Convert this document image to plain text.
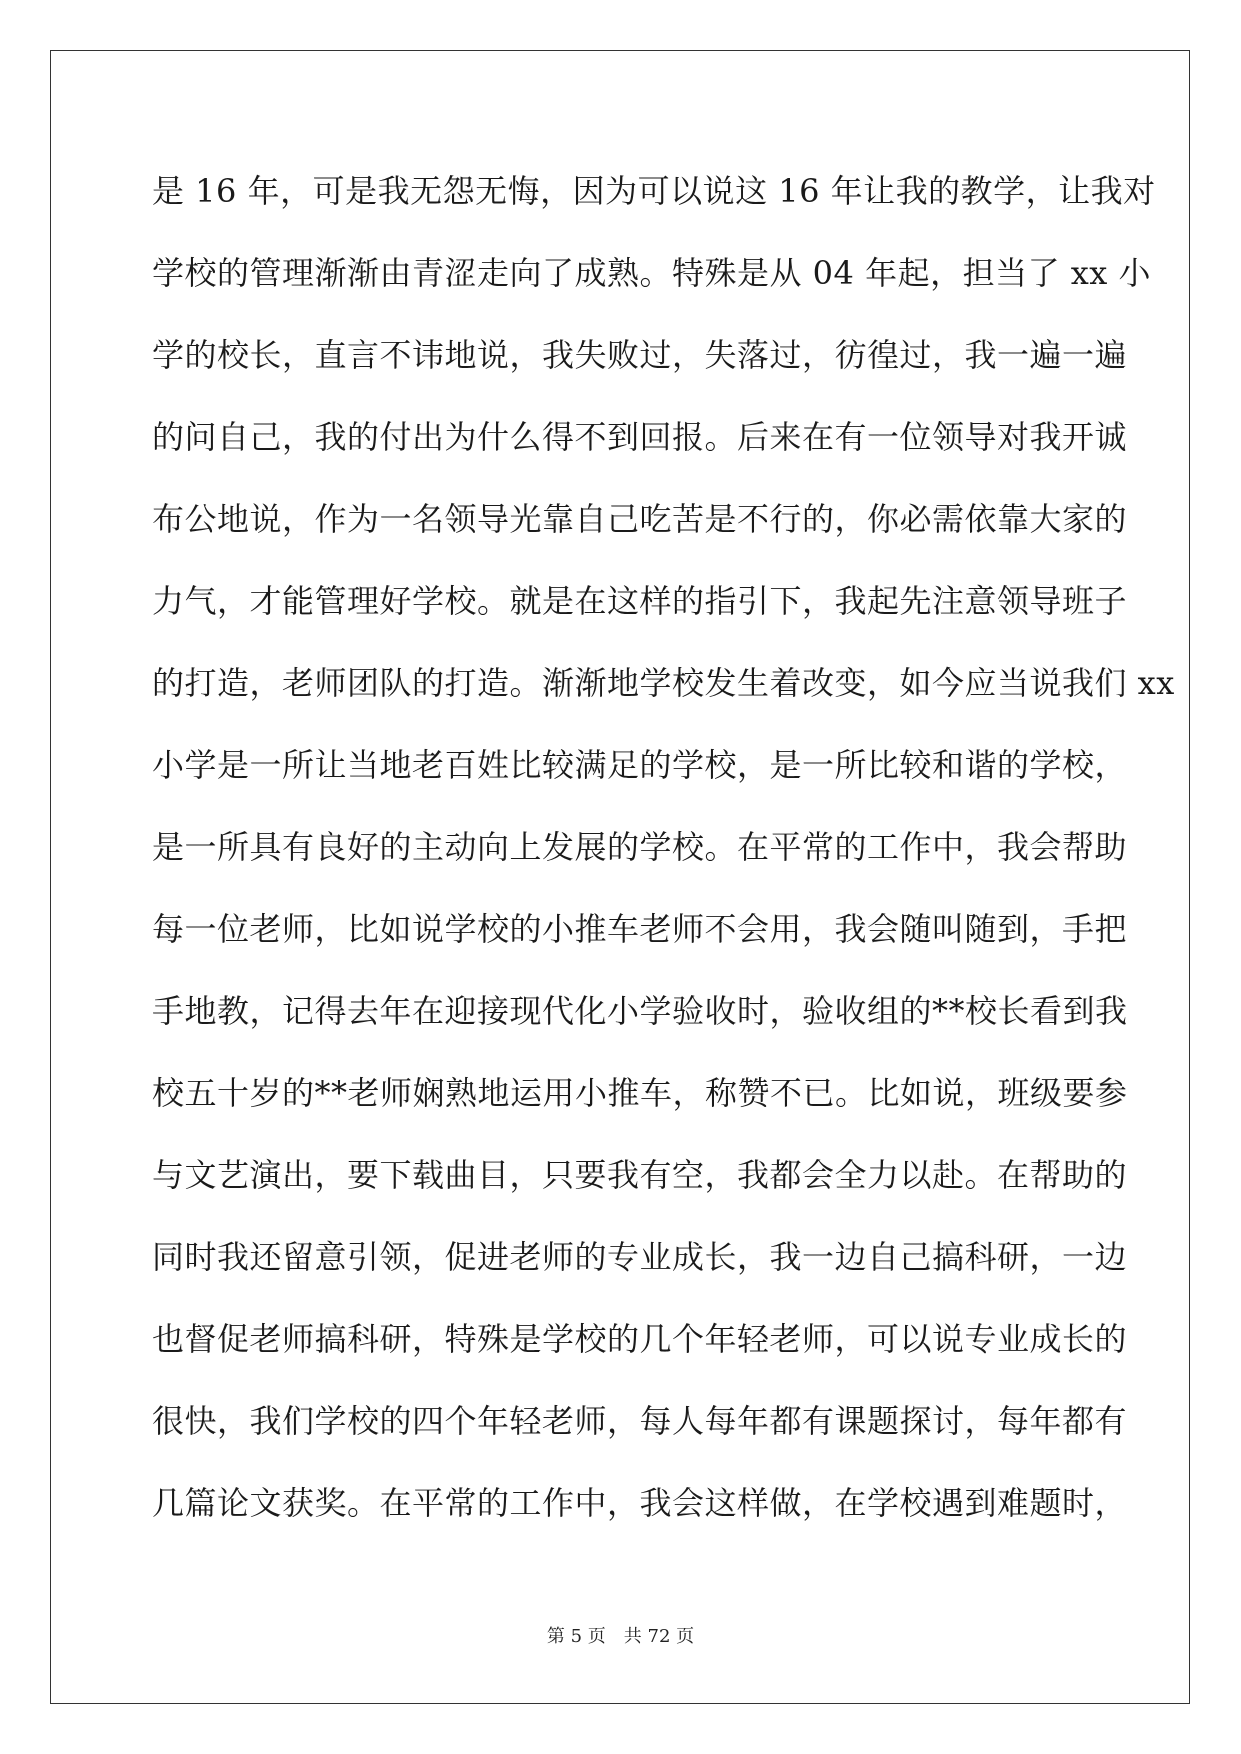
是 16 年，可是我无怨无悔，因为可以说这 16 年让我的教学，让我对
学校的管理渐渐由青涩走向了成熟。特殊是从 04 年起，担当了 xx 小
学的校长，直言不讳地说，我失败过，失落过，彷徨过，我一遍一遍
的问自己，我的付出为什么得不到回报。后来在有一位领导对我开诚
布公地说，作为一名领导光靠自己吃苦是不行的，你必需依靠大家的
力气，才能管理好学校。就是在这样的指引下，我起先注意领导班子
的打造，老师团队的打造。渐渐地学校发生着改变，如今应当说我们 xx
小学是一所让当地老百姓比较满足的学校，是一所比较和谐的学校，
是一所具有良好的主动向上发展的学校。在平常的工作中，我会帮助
每一位老师，比如说学校的小推车老师不会用，我会随叫随到，手把
手地教，记得去年在迎接现代化小学验收时，验收组的**校长看到我
校五十岁的**老师娴熟地运用小推车，称赞不已。比如说，班级要参
与文艺演出，要下载曲目，只要我有空，我都会全力以赴。在帮助的
同时我还留意引领，促进老师的专业成长，我一边自己搞科研，一边
也督促老师搞科研，特殊是学校的几个年轻老师，可以说专业成长的
很快，我们学校的四个年轻老师，每人每年都有课题探讨，每年都有
几篇论文获奖。在平常的工作中，我会这样做，在学校遇到难题时，
第 5 页　共 72 页
